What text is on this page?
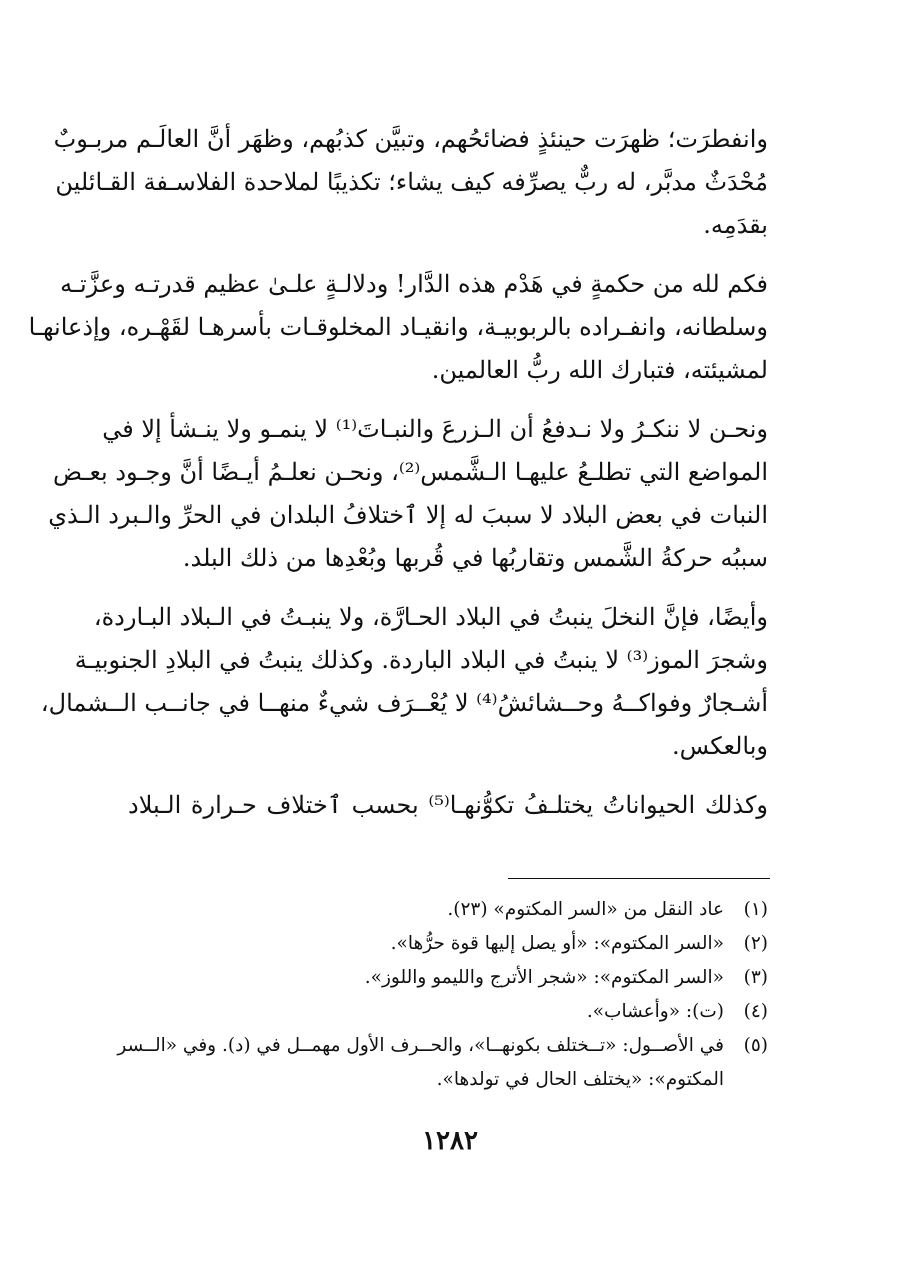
وانفطرَت؛ ظهرَت حينئذٍ فضائحُهم، وتبيَّن كذبُهم، وظهَر أنَّ العالَـم مربـوبٌ
مُحْدَثٌ مدبَّر، له ربٌّ يصرِّفه كيف يشاء؛ تكذيبًا لملاحدة الفلاسـفة القـائلين
بقدَمِه.

فكم لله من حكمةٍ في هَدْم هذه الدَّار! ودلالـةٍ علـىٰ عظيم قدرتـه وعزَّتـه
وسلطانه، وانفـراده بالربوبيـة، وانقيـاد المخلوقـات بأسرهـا لقَهْـره، وإذعانهـا
لمشيئته، فتبارك الله ربُّ العالمين.

ونحـن لا ننكـرُ ولا نـدفعُ أن الـزرعَ والنبـاتَ⁽¹⁾ لا ينمـو ولا ينـشأ إلا في
المواضع التي تطلـعُ عليهـا الـشَّمس⁽²⁾، ونحـن نعلـمُ أيـضًا أنَّ وجـود بعـض
النبات في بعض البلاد لا سببَ له إلا ٱختلافُ البلدان في الحرِّ والـبرد الـذي
سببُه حركةُ الشَّمس وتقاربُها في قُربها وبُعْدِها من ذلك البلد.

وأيضًا، فإنَّ النخلَ ينبتُ في البلاد الحـارَّة، ولا ينبـتُ في الـبلاد البـاردة،
وشجرَ الموز⁽³⁾ لا ينبتُ في البلاد الباردة. وكذلك ينبتُ في البلادِ الجنوبيـة
أشـجارٌ وفواكــهُ وحــشائشُ⁽⁴⁾ لا يُعْــرَف شيءٌ منهــا في جانــب الــشمال،
وبالعكس.

وكذلك الحيواناتُ يختلـفُ تكوُّنهـا⁽⁵⁾ بحسب ٱختلاف حـرارة الـبلاد

(١)
عاد النقل من «السر المكتوم» (٢٣).
(٢)
«السر المكتوم»: «أو يصل إليها قوة حرُّها».
(٣)
«السر المكتوم»: «شجر الأترج والليمو واللوز».
(٤)
(ت): «وأعشاب».
(٥)
في الأصــول: «تــختلف بكونهــا»، والحــرف الأول مهمــل في (د). وفي «الــسر
المكتوم»: «يختلف الحال في تولدها».
١٢٨٢
